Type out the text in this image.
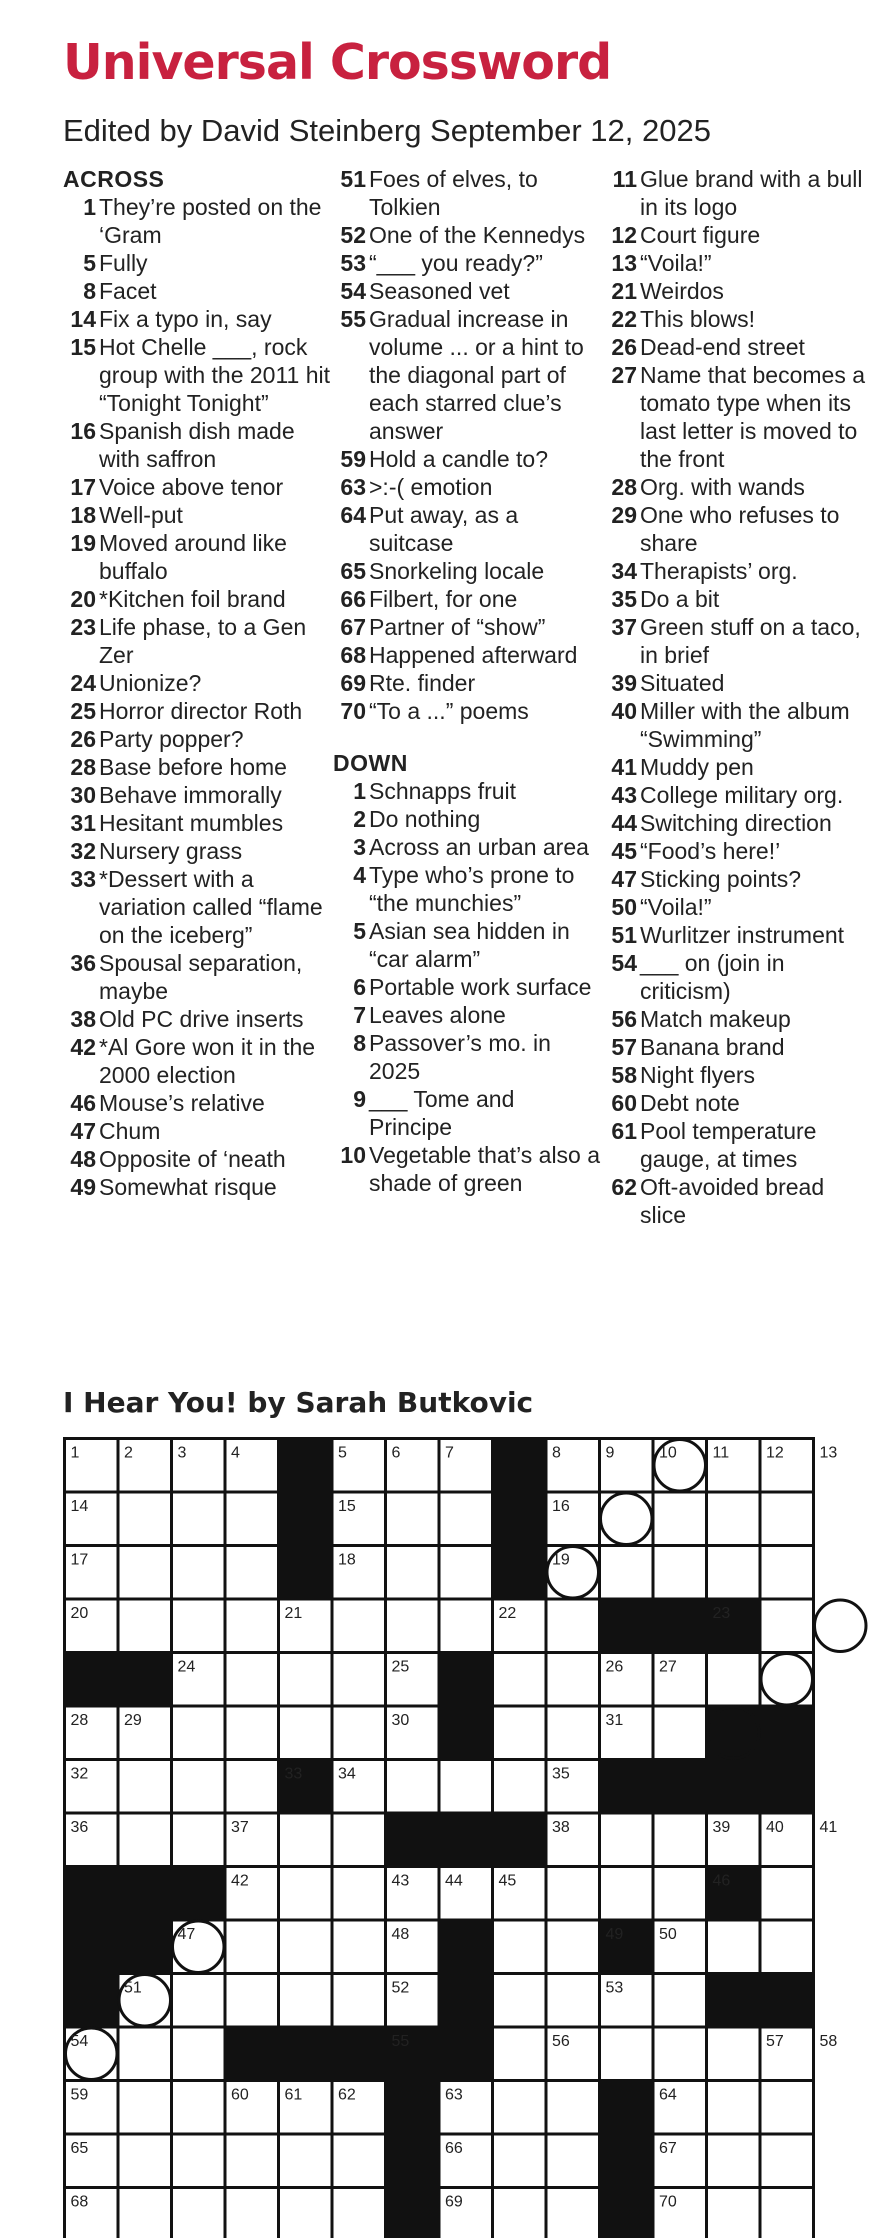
Universal Crossword
Edited by David Steinberg September 12, 2025
ACROSS
1 They’re posted on the ‘Gram
5 Fully
8 Facet
14 Fix a typo in, say
15 Hot Chelle ___, rock group with the 2011 hit “Tonight Tonight”
16 Spanish dish made with saffron
17 Voice above tenor
18 Well-put
19 Moved around like buffalo
20 *Kitchen foil brand
23 Life phase, to a Gen Zer
24 Unionize?
25 Horror director Roth
26 Party popper?
28 Base before home
30 Behave immorally
31 Hesitant mumbles
32 Nursery grass
33 *Dessert with a variation called “flame on the iceberg”
36 Spousal separation, maybe
38 Old PC drive inserts
42 *Al Gore won it in the 2000 election
46 Mouse’s relative
47 Chum
48 Opposite of ‘neath
49 Somewhat risque
51 Foes of elves, to Tolkien
52 One of the Kennedys
53 “___ you ready?”
54 Seasoned vet
55 Gradual increase in volume ... or a hint to the diagonal part of each starred clue’s answer
59 Hold a candle to?
63 >:-( emotion
64 Put away, as a suitcase
65 Snorkeling locale
66 Filbert, for one
67 Partner of “show”
68 Happened afterward
69 Rte. finder
70 “To a ...” poems
DOWN
1 Schnapps fruit
2 Do nothing
3 Across an urban area
4 Type who’s prone to “the munchies”
5 Asian sea hidden in “car alarm”
6 Portable work surface
7 Leaves alone
8 Passover’s mo. in 2025
9 ___ Tome and Principe
10 Vegetable that’s also a shade of green
11 Glue brand with a bull in its logo
12 Court figure
13 “Voila!”
21 Weirdos
22 This blows!
26 Dead-end street
27 Name that becomes a tomato type when its last letter is moved to the front
28 Org. with wands
29 One who refuses to share
34 Therapists’ org.
35 Do a bit
37 Green stuff on a taco, in brief
39 Situated
40 Miller with the album “Swimming”
41 Muddy pen
43 College military org.
44 Switching direction
45 “Food’s here!’
47 Sticking points?
50 “Voila!”
51 Wurlitzer instrument
54 ___ on (join in criticism)
56 Match makeup
57 Banana brand
58 Night flyers
60 Debt note
61 Pool temperature gauge, at times
62 Oft-avoided bread slice
I Hear You! by Sarah Butkovic
1	2	3	4	5	6	7	8	9	10 11 12 13
14	15	16
17	18	19
20	21	22	23
24	25	26 27
28 29	30	31
32	33 34	35
36	37	38	39 40 41
42	43 44 45	46
47	48	49 50
51	52	53
54	55	56	57 58
59	60 61 62	63	64
65	66	67
68	69	70
